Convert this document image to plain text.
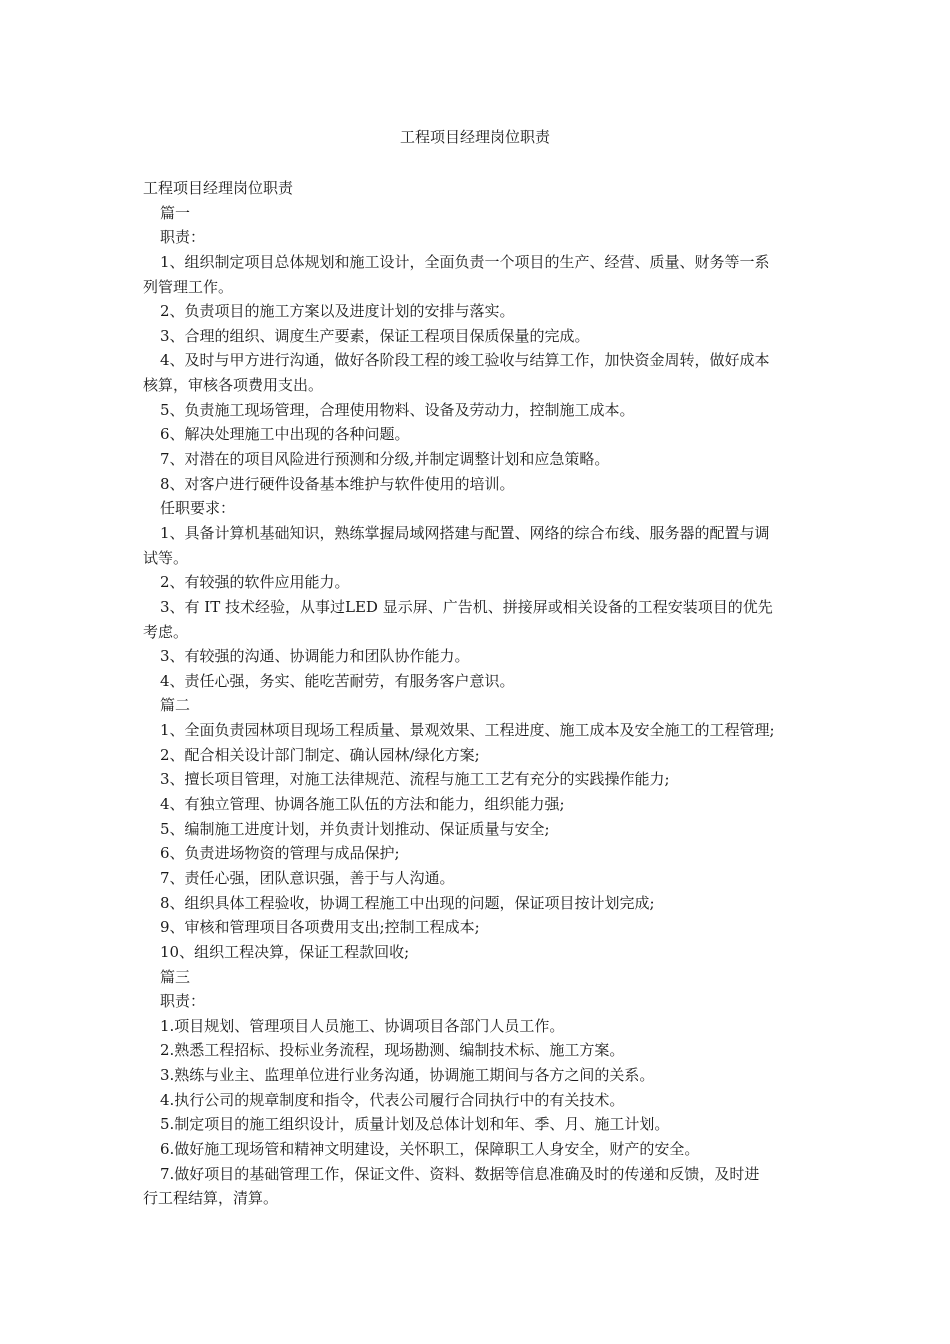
工程项目经理岗位职责
工程项目经理岗位职责
篇一
职责：
1、组织制定项目总体规划和施工设计，全面负责一个项目的生产、经营、质量、财务等一系
列管理工作。
2、负责项目的施工方案以及进度计划的安排与落实。
3、合理的组织、调度生产要素，保证工程项目保质保量的完成。
4、及时与甲方进行沟通，做好各阶段工程的竣工验收与结算工作，加快资金周转，做好成本
核算，审核各项费用支出。
5、负责施工现场管理，合理使用物料、设备及劳动力，控制施工成本。
6、解决处理施工中出现的各种问题。
7、对潜在的项目风险进行预测和分级,并制定调整计划和应急策略。
8、对客户进行硬件设备基本维护与软件使用的培训。
任职要求：
1、具备计算机基础知识，熟练掌握局域网搭建与配置、网络的综合布线、服务器的配置与调
试等。
2、有较强的软件应用能力。
3、有 IT 技术经验，从事过LED 显示屏、广告机、拼接屏或相关设备的工程安装项目的优先
考虑。
3、有较强的沟通、协调能力和团队协作能力。
4、责任心强，务实、能吃苦耐劳，有服务客户意识。
篇二
1、全面负责园林项目现场工程质量、景观效果、工程进度、施工成本及安全施工的工程管理;
2、配合相关设计部门制定、确认园林/绿化方案;
3、擅长项目管理，对施工法律规范、流程与施工工艺有充分的实践操作能力;
4、有独立管理、协调各施工队伍的方法和能力，组织能力强;
5、编制施工进度计划，并负责计划推动、保证质量与安全;
6、负责进场物资的管理与成品保护;
7、责任心强，团队意识强，善于与人沟通。
8、组织具体工程验收，协调工程施工中出现的问题，保证项目按计划完成;
9、审核和管理项目各项费用支出;控制工程成本;
10、组织工程决算，保证工程款回收;
篇三
职责：
1.项目规划、管理项目人员施工、协调项目各部门人员工作。
2.熟悉工程招标、投标业务流程，现场勘测、编制技术标、施工方案。
3.熟练与业主、监理单位进行业务沟通，协调施工期间与各方之间的关系。
4.执行公司的规章制度和指令，代表公司履行合同执行中的有关技术。
5.制定项目的施工组织设计，质量计划及总体计划和年、季、月、施工计划。
6.做好施工现场管和精神文明建设，关怀职工，保障职工人身安全，财产的安全。
7.做好项目的基础管理工作，保证文件、资料、数据等信息准确及时的传递和反馈，及时进
行工程结算，清算。
